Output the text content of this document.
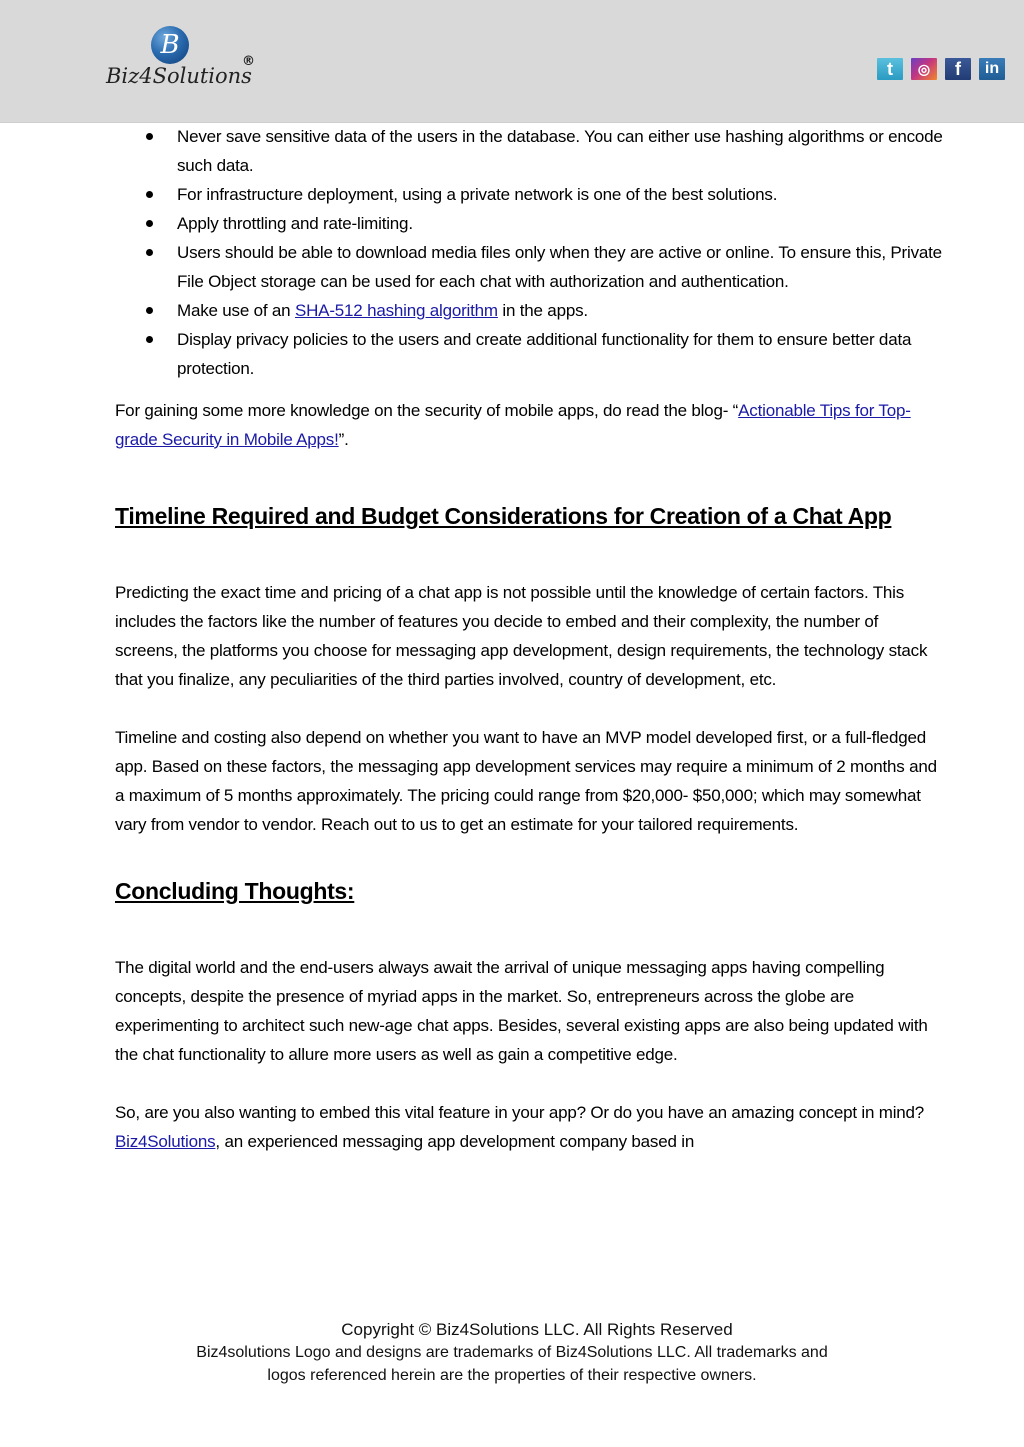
B
Biz4Solutions
®	t	◎	f	in
Never save sensitive data of the users in the database. You can either use hashing algorithms or encode such data.
For infrastructure deployment, using a private network is one of the best solutions.
Apply throttling and rate-limiting.
Users should be able to download media files only when they are active or online. To ensure this, Private File Object storage can be used for each chat with authorization and authentication.
Make use of an SHA-512 hashing algorithm in the apps.
Display privacy policies to the users and create additional functionality for them to ensure better data protection.

For gaining some more knowledge on the security of mobile apps, do read the blog- “Actionable Tips for Top-grade Security in Mobile Apps!”.

Timeline Required and Budget Considerations for Creation of a Chat App

Predicting the exact time and pricing of a chat app is not possible until the knowledge of certain factors. This includes the factors like the number of features you decide to embed and their complexity, the number of screens, the platforms you choose for messaging app development, design requirements, the technology stack that you finalize, any peculiarities of the third parties involved, country of development, etc.

Timeline and costing also depend on whether you want to have an MVP model developed first, or a full-fledged app. Based on these factors, the messaging app development services may require a minimum of 2 months and a maximum of 5 months approximately. The pricing could range from $20,000- $50,000; which may somewhat vary from vendor to vendor. Reach out to us to get an estimate for your tailored requirements.

Concluding Thoughts:

The digital world and the end-users always await the arrival of unique messaging apps having compelling concepts, despite the presence of myriad apps in the market. So, entrepreneurs across the globe are experimenting to architect such new-age chat apps. Besides, several existing apps are also being updated with the chat functionality to allure more users as well as gain a competitive edge.

So, are you also wanting to embed this vital feature in your app? Or do you have an amazing concept in mind? Biz4Solutions, an experienced messaging app development company based in

Copyright © Biz4Solutions LLC. All Rights Reserved
Biz4solutions Logo and designs are trademarks of Biz4Solutions LLC. All trademarks and
logos referenced herein are the properties of their respective owners.
